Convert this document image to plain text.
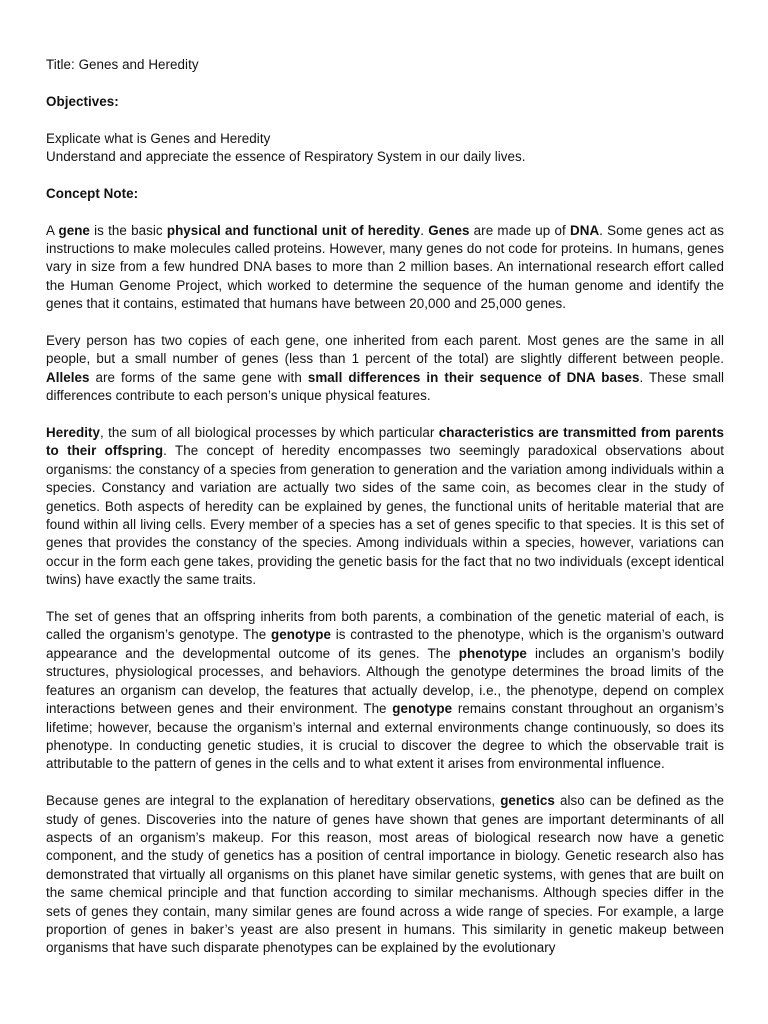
Title: Genes and Heredity
Objectives:
Explicate what is Genes and Heredity
Understand and appreciate the essence of Respiratory System in our daily lives.
Concept Note:

A gene is the basic physical and functional unit of heredity. Genes are made up of DNA. Some genes act as instructions to make molecules called proteins. However, many genes do not code for proteins. In humans, genes vary in size from a few hundred DNA bases to more than 2 million bases. An international research effort called the Human Genome Project, which worked to determine the sequence of the human genome and identify the genes that it contains, estimated that humans have between 20,000 and 25,000 genes.

Every person has two copies of each gene, one inherited from each parent. Most genes are the same in all people, but a small number of genes (less than 1 percent of the total) are slightly different between people. Alleles are forms of the same gene with small differences in their sequence of DNA bases. These small differences contribute to each person’s unique physical features.

Heredity, the sum of all biological processes by which particular characteristics are transmitted from parents to their offspring. The concept of heredity encompasses two seemingly paradoxical observations about organisms: the constancy of a species from generation to generation and the variation among individuals within a species. Constancy and variation are actually two sides of the same coin, as becomes clear in the study of genetics. Both aspects of heredity can be explained by genes, the functional units of heritable material that are found within all living cells. Every member of a species has a set of genes specific to that species. It is this set of genes that provides the constancy of the species. Among individuals within a species, however, variations can occur in the form each gene takes, providing the genetic basis for the fact that no two individuals (except identical twins) have exactly the same traits.

The set of genes that an offspring inherits from both parents, a combination of the genetic material of each, is called the organism’s genotype. The genotype is contrasted to the phenotype, which is the organism’s outward appearance and the developmental outcome of its genes. The phenotype includes an organism’s bodily structures, physiological processes, and behaviors. Although the genotype determines the broad limits of the features an organism can develop, the features that actually develop, i.e., the phenotype, depend on complex interactions between genes and their environment. The genotype remains constant throughout an organism’s lifetime; however, because the organism’s internal and external environments change continuously, so does its phenotype. In conducting genetic studies, it is crucial to discover the degree to which the observable trait is attributable to the pattern of genes in the cells and to what extent it arises from environmental influence.

Because genes are integral to the explanation of hereditary observations, genetics also can be defined as the study of genes. Discoveries into the nature of genes have shown that genes are important determinants of all aspects of an organism’s makeup. For this reason, most areas of biological research now have a genetic component, and the study of genetics has a position of central importance in biology. Genetic research also has demonstrated that virtually all organisms on this planet have similar genetic systems, with genes that are built on the same chemical principle and that function according to similar mechanisms. Although species differ in the sets of genes they contain, many similar genes are found across a wide range of species. For example, a large proportion of genes in baker’s yeast are also present in humans. This similarity in genetic makeup between organisms that have such disparate phenotypes can be explained by the evolutionary
